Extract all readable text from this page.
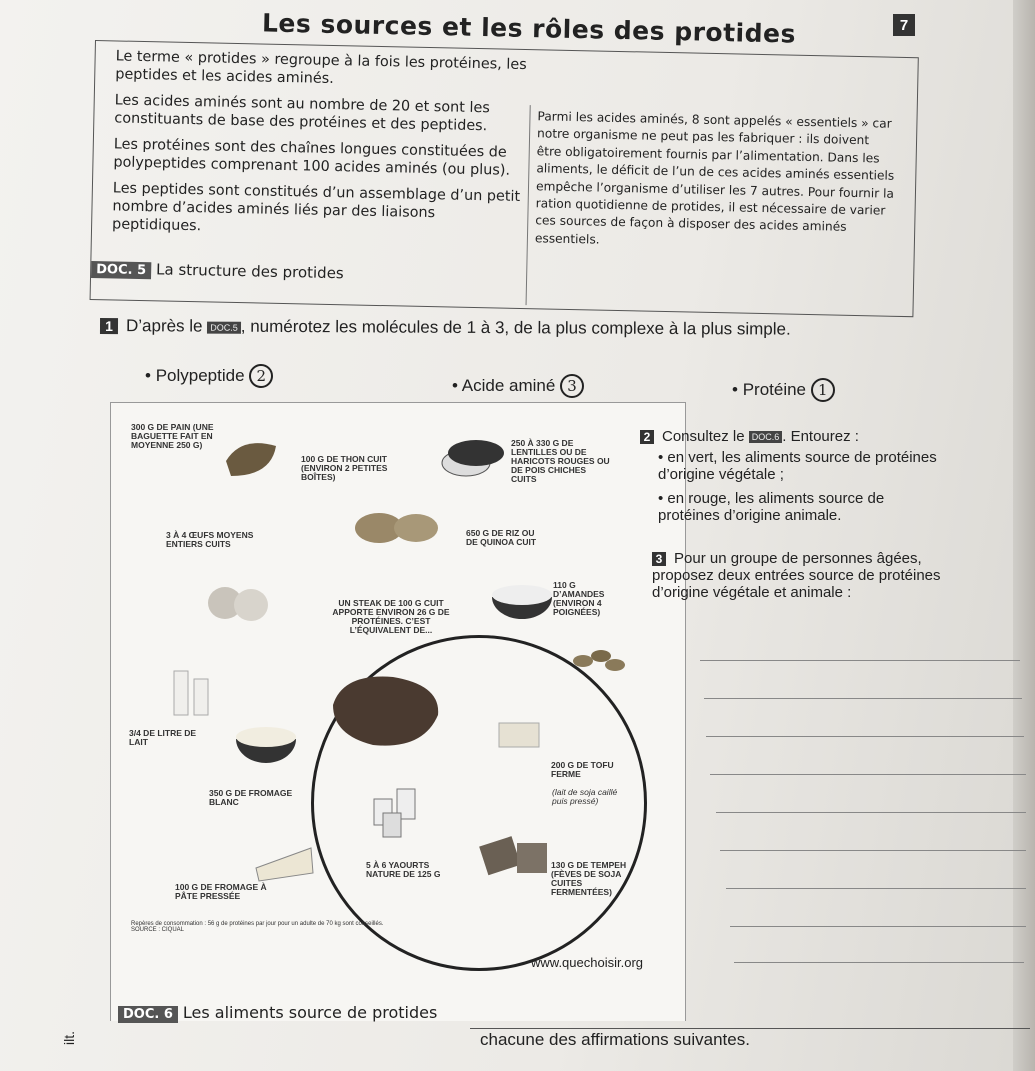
Les sources et les rôles des protides	7

Le terme « protides » regroupe à la fois les protéines, les peptides et les acides aminés.

Les acides aminés sont au nombre de 20 et sont les constituants de base des protéines et des peptides.

Les protéines sont des chaînes longues constituées de polypeptides comprenant 100 acides aminés (ou plus).

Les peptides sont constitués d’un assemblage d’un petit nombre d’acides aminés liés par des liaisons peptidiques.

Parmi les acides aminés, 8 sont appelés « essentiels » car notre organisme ne peut pas les fabriquer : ils doivent être obligatoirement fournis par l’alimentation. Dans les aliments, le déficit de l’un de ces acides aminés essentiels empêche l’organisme d’utiliser les 7 autres. Pour fournir la ration quotidienne de protides, il est nécessaire de varier ces sources de façon à disposer des acides aminés essentiels.
DOC. 5 La structure des protides
1 D’après le DOC.5 , numérotez les molécules de 1 à 3, de la plus complexe à la plus simple.
• Polypeptide 2	• Acide aminé 3	• Protéine 1
300 G DE PAIN (UNE BAGUETTE FAIT EN MOYENNE 250 G)
100 G DE THON CUIT (ENVIRON 2 PETITES BOÎTES)
250 À 330 G DE LENTILLES OU DE HARICOTS ROUGES OU DE POIS CHICHES CUITS
650 G DE RIZ OU DE QUINOA CUIT
3 À 4 ŒUFS MOYENS ENTIERS CUITS
110 G D’AMANDES (ENVIRON 4 POIGNÉES)
UN STEAK DE 100 G CUIT APPORTE ENVIRON 26 G DE PROTÉINES. C’EST L’ÉQUIVALENT DE...
3/4 DE LITRE DE LAIT
200 G DE TOFU FERME
(lait de soja caillé puis pressé)
350 G DE FROMAGE BLANC
5 À 6 YAOURTS NATURE DE 125 G
130 G DE TEMPEH (FÈVES DE SOJA CUITES FERMENTÉES)
100 G DE FROMAGE À PÂTE PRESSÉE
Repères de consommation : 56 g de protéines par jour pour un adulte de 70 kg sont conseillés.
SOURCE : CIQUAL
www.quechoisir.org
DOC. 6 Les aliments source de protides
2 Consultez le DOC.6 . Entourez :
• en vert, les aliments source de protéines d’origine végétale ;
• en rouge, les aliments source de protéines d’origine animale.
3 Pour un groupe de personnes âgées, proposez deux entrées source de protéines d’origine végétale et animale :
chacune des affirmations suivantes.
ilt.
